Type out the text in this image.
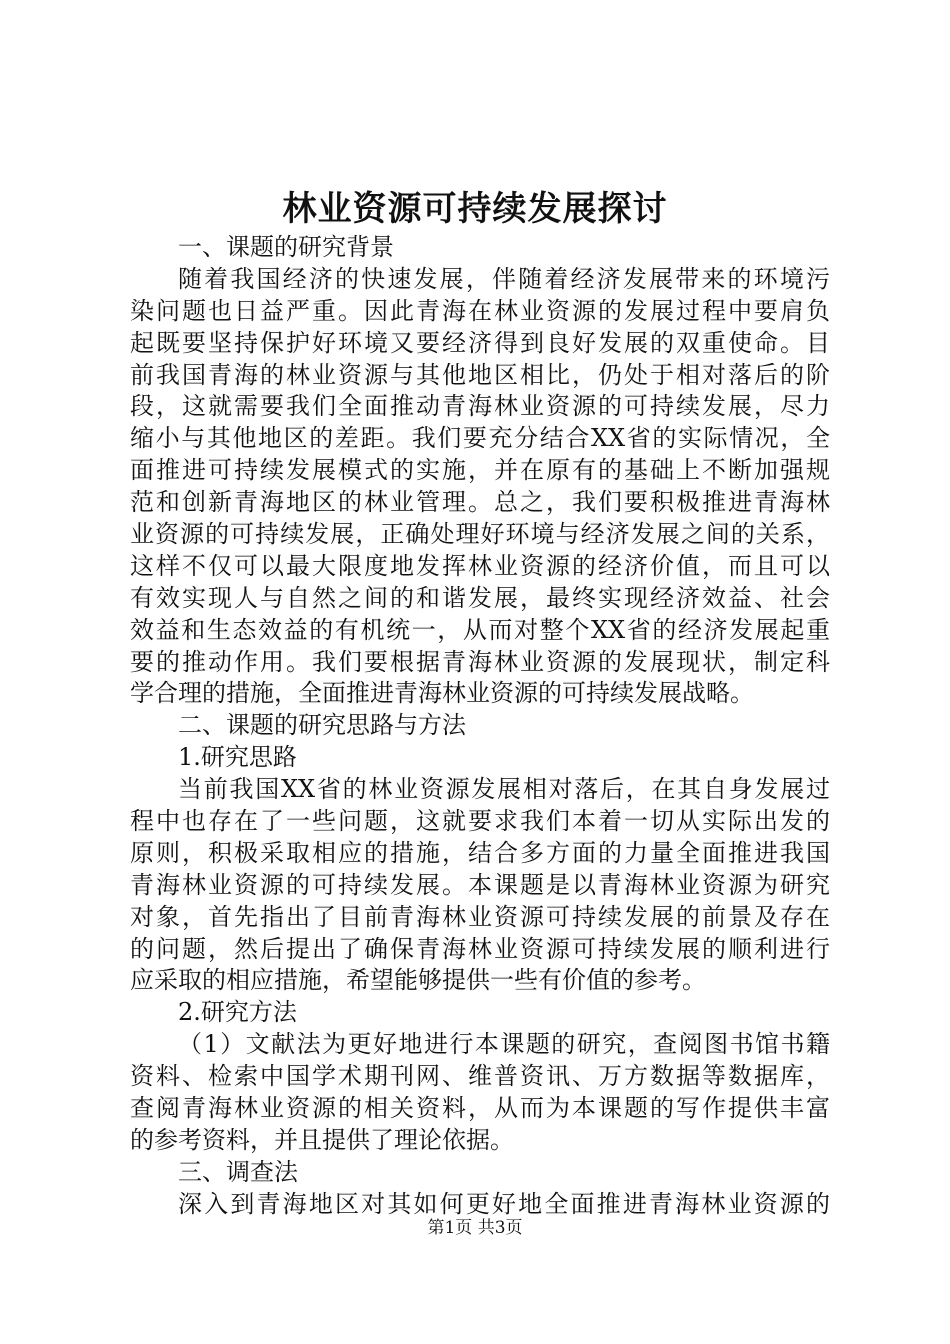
林业资源可持续发展探讨
一、课题的研究背景
随着我国经济的快速发展，伴随着经济发展带来的环境污
染问题也日益严重。因此青海在林业资源的发展过程中要肩负
起既要坚持保护好环境又要经济得到良好发展的双重使命。目
前我国青海的林业资源与其他地区相比，仍处于相对落后的阶
段，这就需要我们全面推动青海林业资源的可持续发展，尽力
缩小与其他地区的差距。我们要充分结合XX省的实际情况，全
面推进可持续发展模式的实施，并在原有的基础上不断加强规
范和创新青海地区的林业管理。总之，我们要积极推进青海林
业资源的可持续发展，正确处理好环境与经济发展之间的关系，
这样不仅可以最大限度地发挥林业资源的经济价值，而且可以
有效实现人与自然之间的和谐发展，最终实现经济效益、社会
效益和生态效益的有机统一，从而对整个XX省的经济发展起重
要的推动作用。我们要根据青海林业资源的发展现状，制定科
学合理的措施，全面推进青海林业资源的可持续发展战略。
二、课题的研究思路与方法
1.研究思路
当前我国XX省的林业资源发展相对落后，在其自身发展过
程中也存在了一些问题，这就要求我们本着一切从实际出发的
原则，积极采取相应的措施，结合多方面的力量全面推进我国
青海林业资源的可持续发展。本课题是以青海林业资源为研究
对象，首先指出了目前青海林业资源可持续发展的前景及存在
的问题，然后提出了确保青海林业资源可持续发展的顺利进行
应采取的相应措施，希望能够提供一些有价值的参考。
2.研究方法
（1）文献法为更好地进行本课题的研究，查阅图书馆书籍
资料、检索中国学术期刊网、维普资讯、万方数据等数据库，
查阅青海林业资源的相关资料，从而为本课题的写作提供丰富
的参考资料，并且提供了理论依据。
三、调查法
深入到青海地区对其如何更好地全面推进青海林业资源的
第1页 共3页
